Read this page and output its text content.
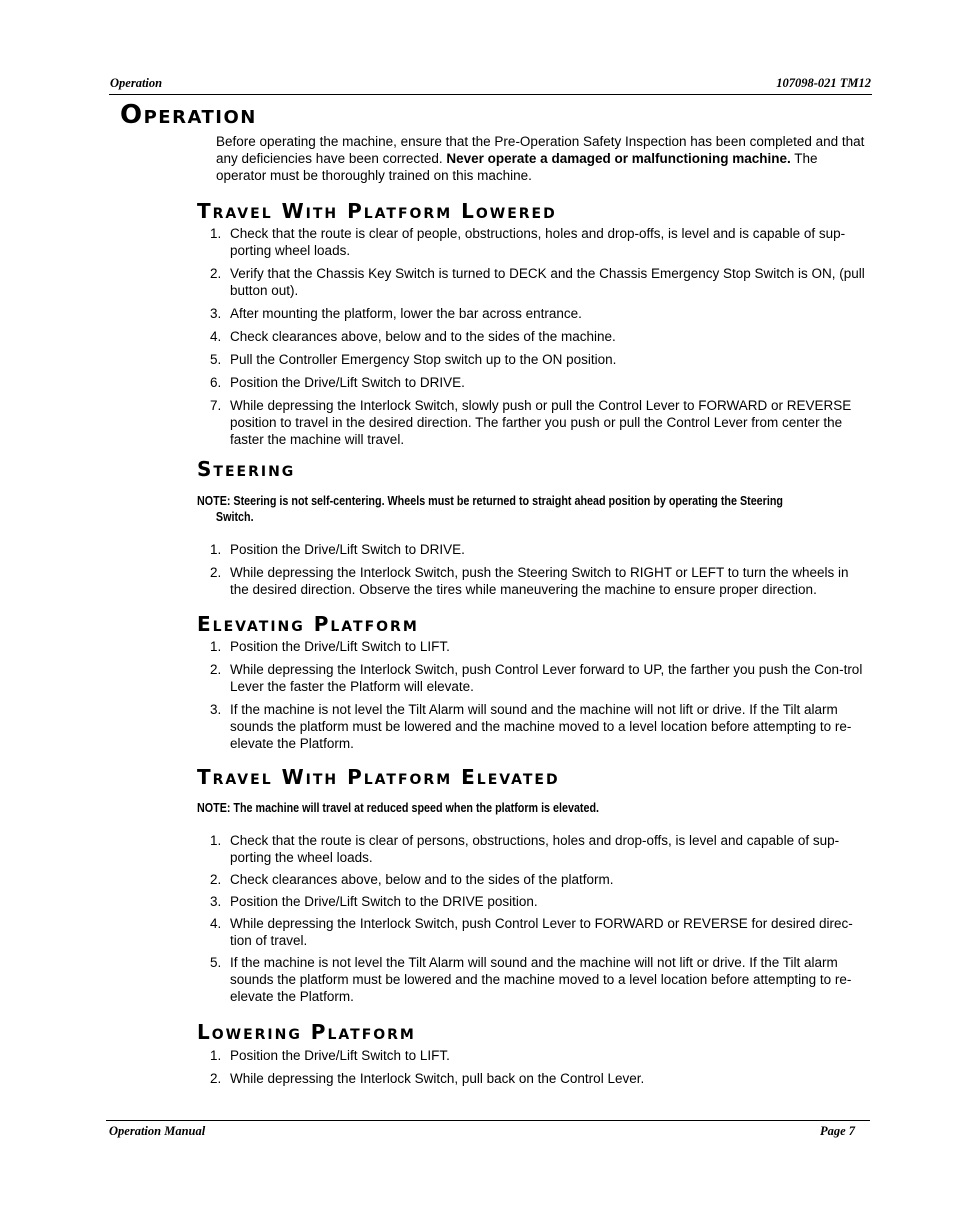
Operation	107098-021 TM12
Operation
Before operating the machine, ensure that the Pre-Operation Safety Inspection has been completed and that any deficiencies have been corrected. Never operate a damaged or malfunctioning machine. The operator must be thoroughly trained on this machine.
Travel With Platform Lowered
1. Check that the route is clear of people, obstructions, holes and drop-offs, is level and is capable of sup-porting wheel loads.
2. Verify that the Chassis Key Switch is turned to DECK and the Chassis Emergency Stop Switch is ON, (pull button out).
3. After mounting the platform, lower the bar across entrance.
4. Check clearances above, below and to the sides of the machine.
5. Pull the Controller Emergency Stop switch up to the ON position.
6. Position the Drive/Lift Switch to DRIVE.
7. While depressing the Interlock Switch, slowly push or pull the Control Lever to FORWARD or REVERSE position to travel in the desired direction. The farther you push or pull the Control Lever from center the faster the machine will travel.
Steering
NOTE: Steering is not self-centering. Wheels must be returned to straight ahead position by operating the Steering
Switch.
1. Position the Drive/Lift Switch to DRIVE.
2. While depressing the Interlock Switch, push the Steering Switch to RIGHT or LEFT to turn the wheels in the desired direction. Observe the tires while maneuvering the machine to ensure proper direction.
Elevating Platform
1. Position the Drive/Lift Switch to LIFT.
2. While depressing the Interlock Switch, push Control Lever forward to UP, the farther you push the Con-trol Lever the faster the Platform will elevate.
3. If the machine is not level the Tilt Alarm will sound and the machine will not lift or drive. If the Tilt alarm sounds the platform must be lowered and the machine moved to a level location before attempting to re-elevate the Platform.
Travel With Platform Elevated
NOTE: The machine will travel at reduced speed when the platform is elevated.
1. Check that the route is clear of persons, obstructions, holes and drop-offs, is level and capable of sup-porting the wheel loads.
2. Check clearances above, below and to the sides of the platform.
3. Position the Drive/Lift Switch to the DRIVE position.
4. While depressing the Interlock Switch, push Control Lever to FORWARD or REVERSE for desired direc-tion of travel.
5. If the machine is not level the Tilt Alarm will sound and the machine will not lift or drive. If the Tilt alarm sounds the platform must be lowered and the machine moved to a level location before attempting to re-elevate the Platform.
Lowering Platform
1. Position the Drive/Lift Switch to LIFT.
2. While depressing the Interlock Switch, pull back on the Control Lever.
Operation Manual	Page 7
